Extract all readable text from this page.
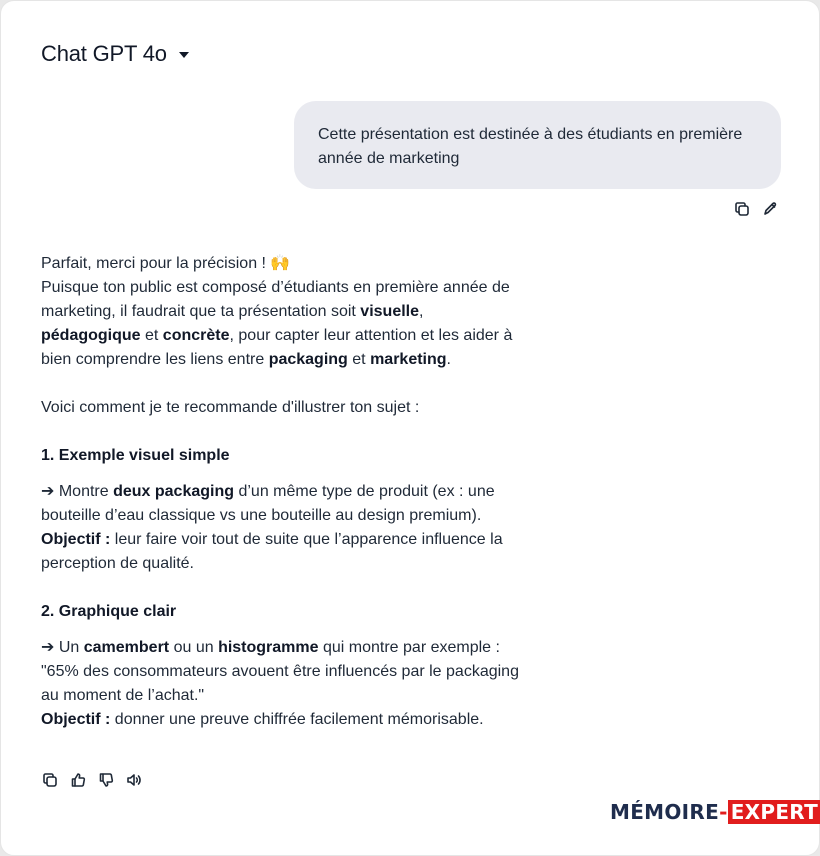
Chat GPT 4o
Cette présentation est destinée à des étudiants en première année de marketing

Parfait, merci pour la précision ! 🙌

Puisque ton public est composé d’étudiants en première année de marketing, il faudrait que ta présentation soit visuelle,
pédagogique et concrète, pour capter leur attention et les aider à bien comprendre les liens entre packaging et marketing.

Voici comment je te recommande d'illustrer ton sujet :

1. Exemple visuel simple

➔ Montre deux packaging d’un même type de produit (ex : une bouteille d’eau classique vs une bouteille au design premium).

Objectif : leur faire voir tout de suite que l’apparence influence la perception de qualité.

2. Graphique clair

➔ Un camembert ou un histogramme qui montre par exemple :
"65% des consommateurs avouent être influencés par le packaging au moment de l’achat."

Objectif : donner une preuve chiffrée facilement mémorisable.

MÉMOIRE - EXPERT
